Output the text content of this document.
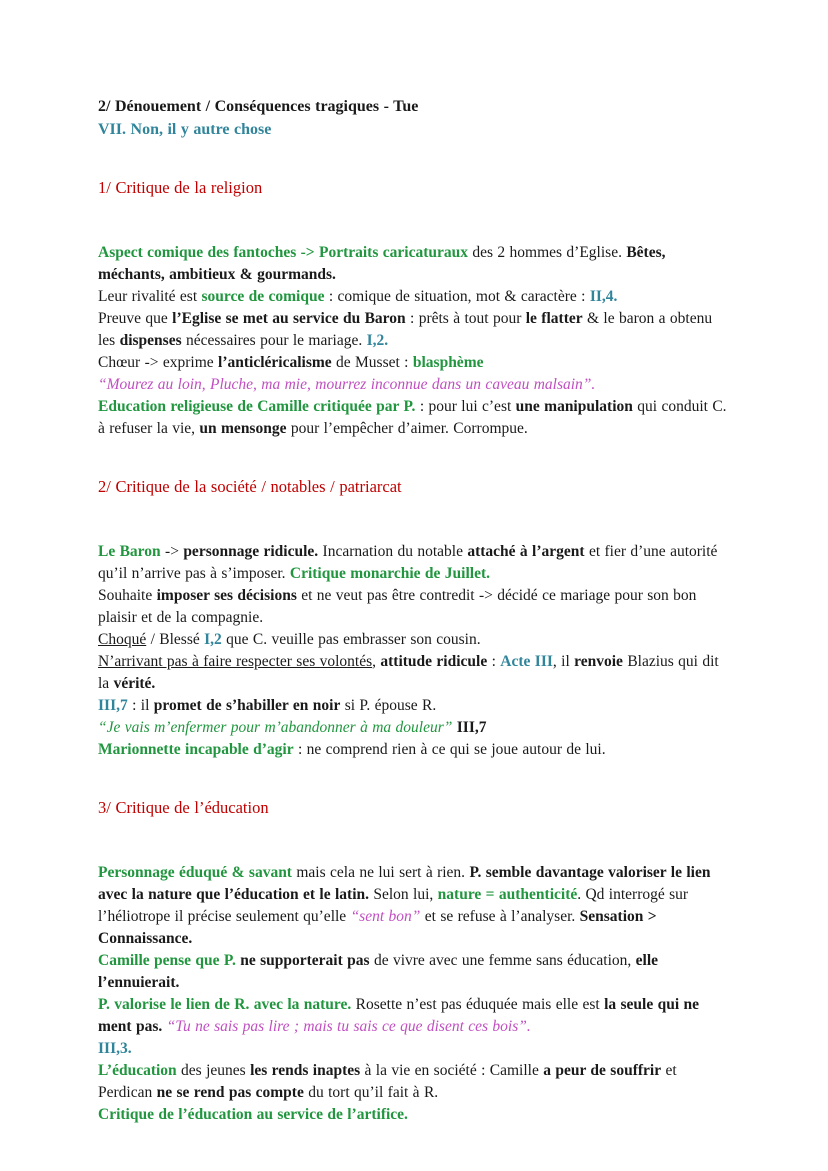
2/ Dénouement / Conséquences tragiques - Tue
VII. Non, il y autre chose

1/ Critique de la religion

Aspect comique des fantoches -> Portraits caricaturaux des 2 hommes d’Eglise. Bêtes, méchants, ambitieux & gourmands.
Leur rivalité est source de comique : comique de situation, mot & caractère : II,4.
Preuve que l’Eglise se met au service du Baron : prêts à tout pour le flatter & le baron a obtenu les dispenses nécessaires pour le mariage. I,2.
Chœur -> exprime l’anticléricalisme de Musset : blasphème
“Mourez au loin, Pluche, ma mie, mourrez inconnue dans un caveau malsain”.
Education religieuse de Camille critiquée par P. : pour lui c’est une manipulation qui conduit C. à refuser la vie, un mensonge pour l’empêcher d’aimer. Corrompue.

2/ Critique de la société / notables / patriarcat

Le Baron -> personnage ridicule. Incarnation du notable attaché à l’argent et fier d’une autorité qu’il n’arrive pas à s’imposer. Critique monarchie de Juillet.
Souhaite imposer ses décisions et ne veut pas être contredit -> décidé ce mariage pour son bon plaisir et de la compagnie.
Choqué / Blessé I,2 que C. veuille pas embrasser son cousin.
N’arrivant pas à faire respecter ses volontés, attitude ridicule : Acte III, il renvoie Blazius qui dit la vérité.
III,7 : il promet de s’habiller en noir si P. épouse R.
“Je vais m’enfermer pour m’abandonner à ma douleur” III,7
Marionnette incapable d’agir : ne comprend rien à ce qui se joue autour de lui.

3/ Critique de l’éducation

Personnage éduqué & savant mais cela ne lui sert à rien. P. semble davantage valoriser le lien avec la nature que l’éducation et le latin. Selon lui, nature = authenticité. Qd interrogé sur l’héliotrope il précise seulement qu’elle “sent bon” et se refuse à l’analyser. Sensation > Connaissance.
Camille pense que P. ne supporterait pas de vivre avec une femme sans éducation, elle l’ennuierait.
P. valorise le lien de R. avec la nature. Rosette n’est pas éduquée mais elle est la seule qui ne ment pas. “Tu ne sais pas lire ; mais tu sais ce que disent ces bois”.
III,3.
L’éducation des jeunes les rends inaptes à la vie en société : Camille a peur de souffrir et Perdican ne se rend pas compte du tort qu’il fait à R.
Critique de l’éducation au service de l’artifice.
